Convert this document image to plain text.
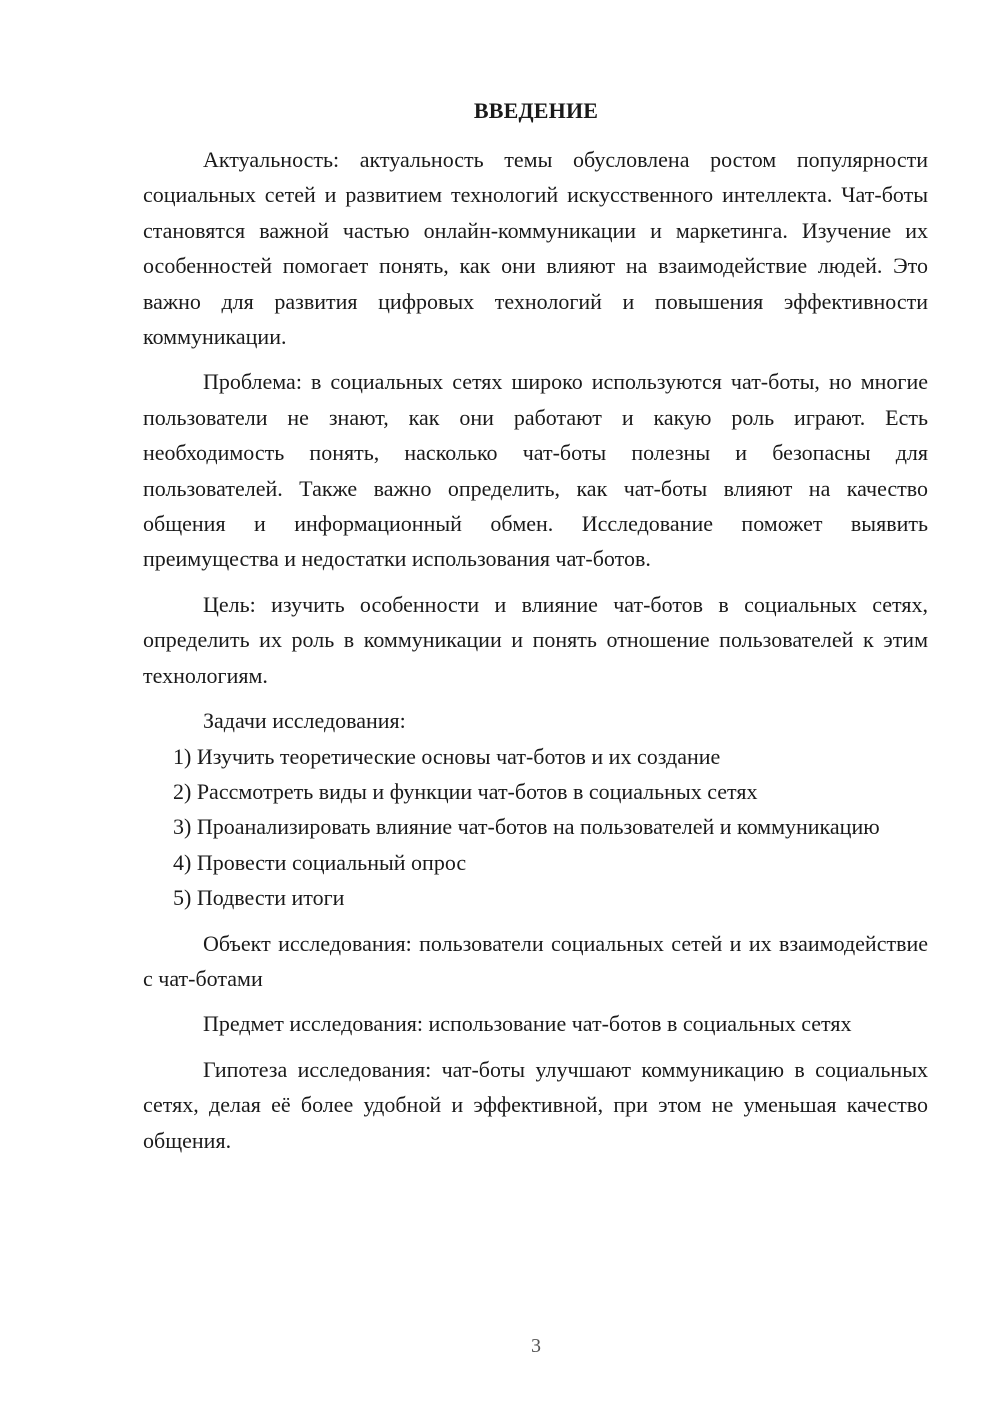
ВВЕДЕНИЕ

Актуальность: актуальность темы обусловлена ростом популярности социальных сетей и развитием технологий искусственного интеллекта. Чат-боты становятся важной частью онлайн-коммуникации и маркетинга. Изучение их особенностей помогает понять, как они влияют на взаимодействие людей. Это важно для развития цифровых технологий и повышения эффективности коммуникации.

Проблема: в социальных сетях широко используются чат-боты, но многие пользователи не знают, как они работают и какую роль играют. Есть необходимость понять, насколько чат-боты полезны и безопасны для пользователей. Также важно определить, как чат-боты влияют на качество общения и информационный обмен. Исследование поможет выявить преимущества и недостатки использования чат-ботов.

Цель: изучить особенности и влияние чат-ботов в социальных сетях, определить их роль в коммуникации и понять отношение пользователей к этим технологиям.

Задачи исследования:

1) Изучить теоретические основы чат-ботов и их создание

2) Рассмотреть виды и функции чат-ботов в социальных сетях

3) Проанализировать влияние чат-ботов на пользователей и коммуникацию

4) Провести социальный опрос

5) Подвести итоги

Объект исследования: пользователи социальных сетей и их взаимодействие с чат-ботами

Предмет исследования: использование чат-ботов в социальных сетях

Гипотеза исследования: чат-боты улучшают коммуникацию в социальных сетях, делая её более удобной и эффективной, при этом не уменьшая качество общения.

3
